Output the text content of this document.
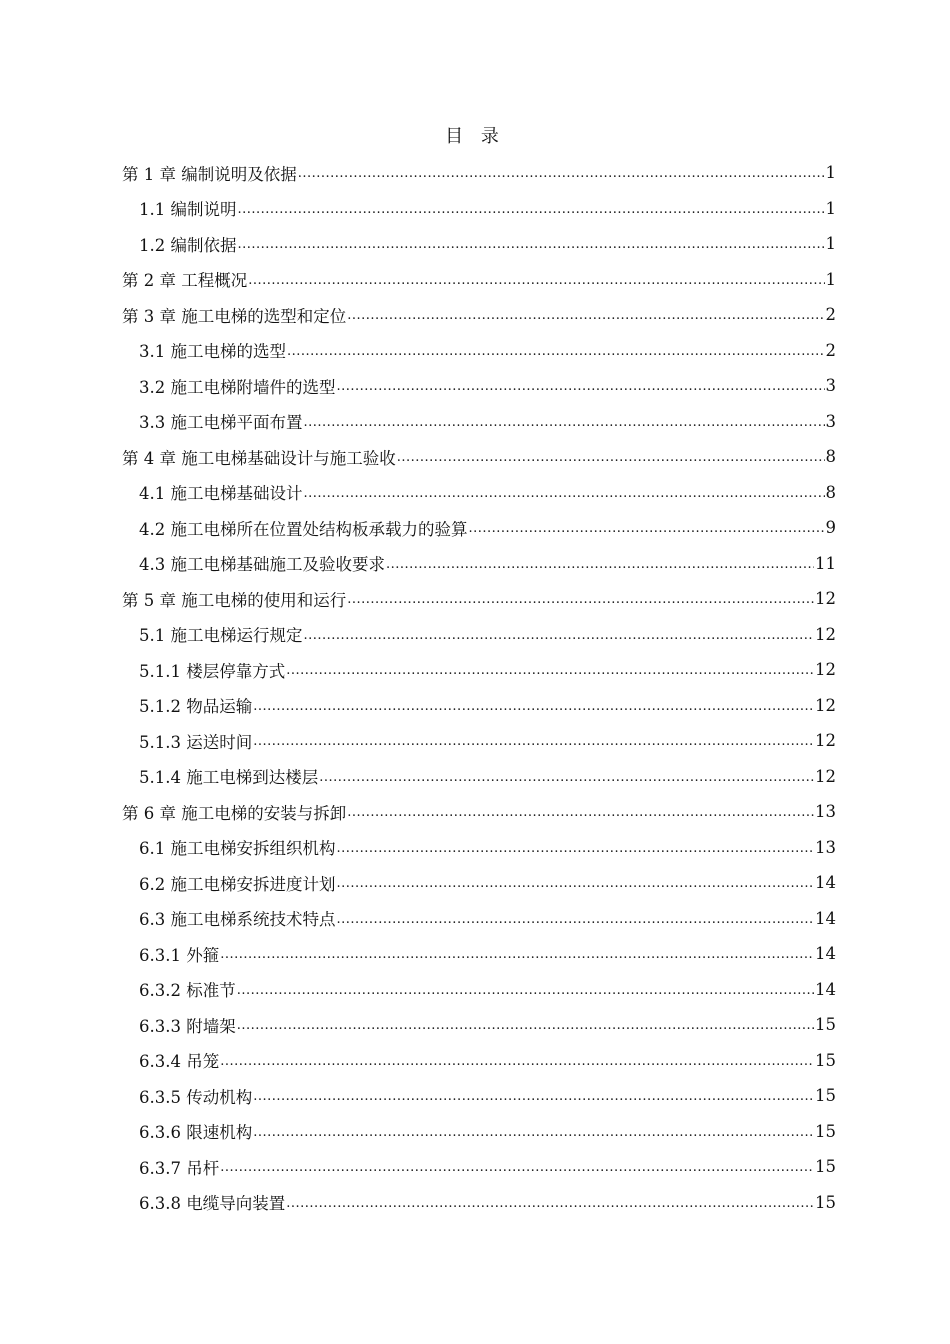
目 录
第 1 章 编制说明及依据 .....	1
1.1 编制说明 .....	1
1.2 编制依据 .....	1
第 2 章 工程概况 .....	1
第 3 章 施工电梯的选型和定位 .....	2
3.1 施工电梯的选型 .....	2
3.2 施工电梯附墙件的选型 .....	3
3.3 施工电梯平面布置 .....	3
第 4 章 施工电梯基础设计与施工验收 .....	8
4.1 施工电梯基础设计 .....	8
4.2 施工电梯所在位置处结构板承载力的验算 .....	9
4.3 施工电梯基础施工及验收要求 .....	11
第 5 章 施工电梯的使用和运行 .....	12
5.1 施工电梯运行规定 .....	12
5.1.1 楼层停靠方式 .....	12
5.1.2 物品运输 .....	12
5.1.3 运送时间 .....	12
5.1.4 施工电梯到达楼层 .....	12
第 6 章 施工电梯的安装与拆卸 .....	13
6.1 施工电梯安拆组织机构 .....	13
6.2 施工电梯安拆进度计划 .....	14
6.3 施工电梯系统技术特点 .....	14
6.3.1 外箍 .....	14
6.3.2 标准节 .....	14
6.3.3 附墙架 .....	15
6.3.4 吊笼 .....	15
6.3.5 传动机构 .....	15
6.3.6 限速机构 .....	15
6.3.7 吊杆 .....	15
6.3.8 电缆导向装置 .....	15
